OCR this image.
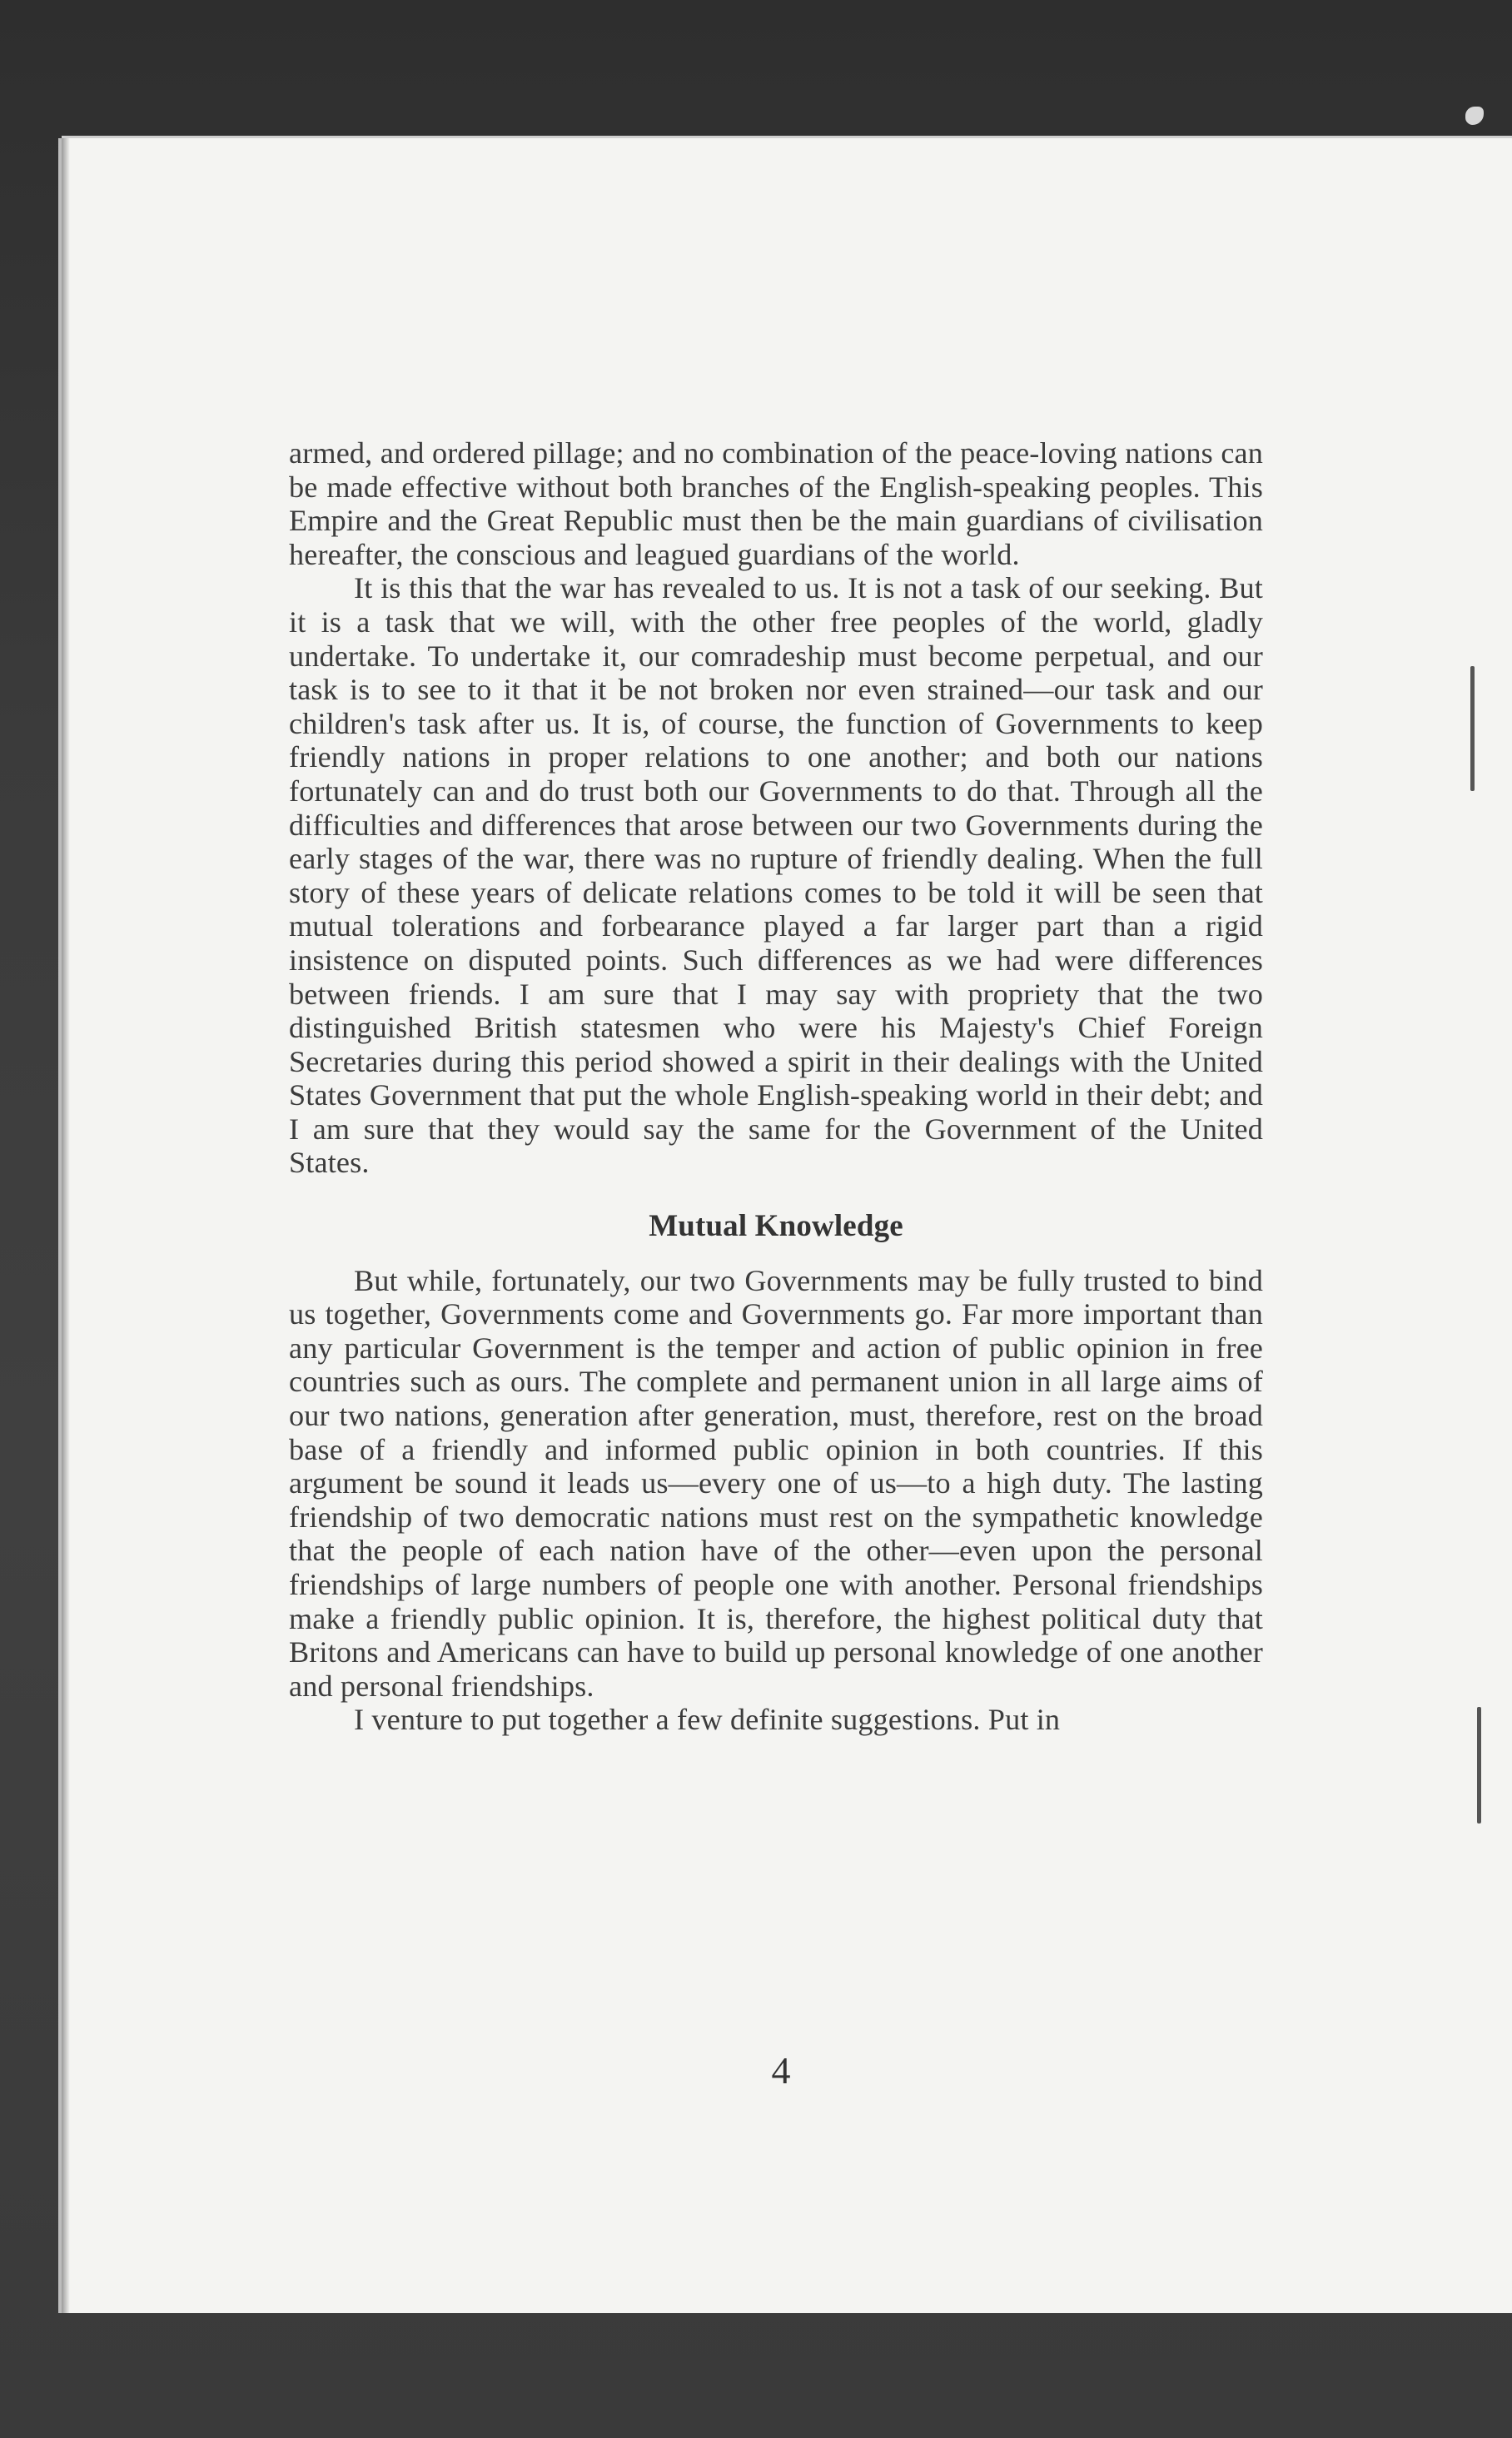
armed, and ordered pillage; and no combination of the peace-loving nations can be made effective without both branches of the English-speaking peoples. This Empire and the Great Republic must then be the main guardians of civilisation hereafter, the conscious and leagued guardians of the world.

It is this that the war has revealed to us. It is not a task of our seeking. But it is a task that we will, with the other free peoples of the world, gladly undertake. To undertake it, our comradeship must become perpetual, and our task is to see to it that it be not broken nor even strained—our task and our children's task after us. It is, of course, the function of Governments to keep friendly nations in proper relations to one another; and both our nations fortunately can and do trust both our Governments to do that. Through all the difficulties and differences that arose between our two Governments during the early stages of the war, there was no rupture of friendly dealing. When the full story of these years of delicate relations comes to be told it will be seen that mutual tolerations and forbearance played a far larger part than a rigid insistence on disputed points. Such differences as we had were differences between friends. I am sure that I may say with propriety that the two distinguished British statesmen who were his Majesty's Chief Foreign Secretaries during this period showed a spirit in their dealings with the United States Government that put the whole English-speaking world in their debt; and I am sure that they would say the same for the Government of the United States.

Mutual Knowledge

But while, fortunately, our two Governments may be fully trusted to bind us together, Governments come and Governments go. Far more important than any particular Government is the temper and action of public opinion in free countries such as ours. The complete and permanent union in all large aims of our two nations, generation after generation, must, therefore, rest on the broad base of a friendly and informed public opinion in both countries. If this argument be sound it leads us—every one of us—to a high duty. The lasting friendship of two democratic nations must rest on the sympathetic knowledge that the people of each nation have of the other—even upon the personal friendships of large numbers of people one with another. Personal friendships make a friendly public opinion. It is, therefore, the highest political duty that Britons and Americans can have to build up personal knowledge of one another and personal friendships.

I venture to put together a few definite suggestions. Put in

4
